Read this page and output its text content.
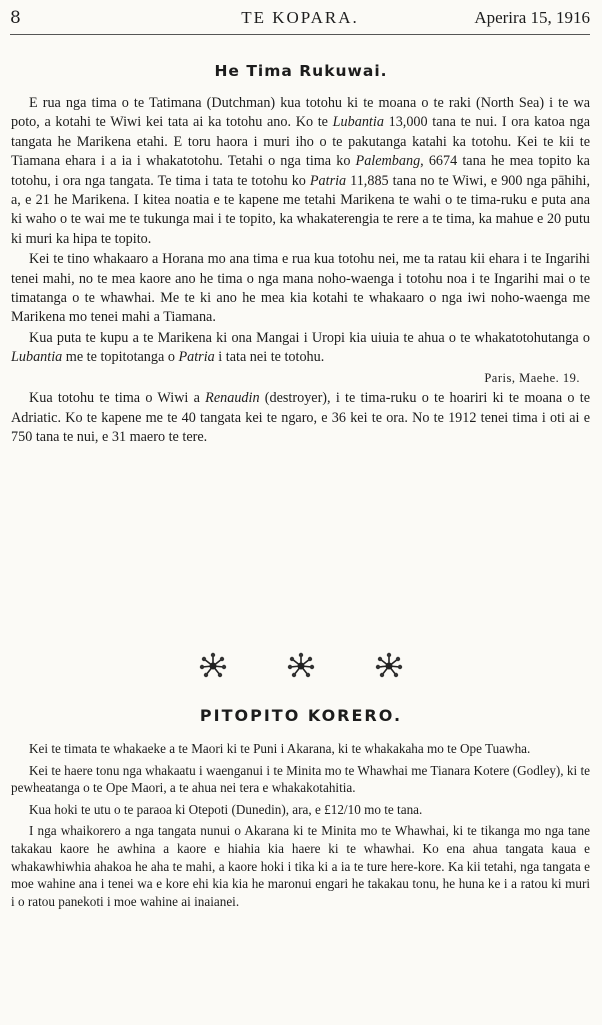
8	TE KOPARA.	Aperira 15, 1916
He Tima Rukuwai.

E rua nga tima o te Tatimana (Dutchman) kua totohu ki te moana o te raki (North Sea) i te wa poto, a kotahi te Wiwi kei tata ai ka totohu ano. Ko te Lubantia 13,000 tana te nui. I ora katoa nga tangata he Marikena etahi. E toru haora i muri iho o te pakutanga katahi ka totohu. Kei te kii te Tiamana ehara i a ia i whakatotohu. Tetahi o nga tima ko Palembang, 6674 tana he mea topito ka totohu, i ora nga tangata. Te tima i tata te totohu ko Patria 11,885 tana no te Wiwi, e 900 nga pāhihi, a, e 21 he Marikena. I kitea noatia e te kapene me tetahi Marikena te wahi o te tima-ruku e puta ana ki waho o te wai me te tukunga mai i te topito, ka whakaterengia te rere a te tima, ka mahue e 20 putu ki muri ka hipa te topito.

Kei te tino whakaaro a Horana mo ana tima e rua kua totohu nei, me ta ratau kii ehara i te Ingarihi tenei mahi, no te mea kaore ano he tima o nga mana noho-waenga i totohu noa i te Ingarihi mai o te timatanga o te whawhai. Me te ki ano he mea kia kotahi te whakaaro o nga iwi noho-waenga me Marikena mo tenei mahi a Tiamana.

Kua puta te kupu a te Marikena ki ona Mangai i Uropi kia uiuia te ahua o te whakatotohutanga o Lubantia me te topitotanga o Patria i tata nei te totohu.

Paris, Maehe. 19.

Kua totohu te tima o Wiwi a Renaudin (destroyer), i te tima-ruku o te hoariri ki te moana o te Adriatic. Ko te kapene me te 40 tangata kei te ngaro, e 36 kei te ora. No te 1912 tenei tima i oti ai e 750 tana te nui, e 31 maero te tere.

PITOPITO KORERO.

Kei te timata te whakaeke a te Maori ki te Puni i Akarana, ki te whakakaha mo te Ope Tuawha.

Kei te haere tonu nga whakaatu i waenganui i te Minita mo te Whawhai me Tianara Kotere (Godley), ki te pewheatanga o te Ope Maori, a te ahua nei tera e whakakotahitia.

Kua hoki te utu o te paraoa ki Otepoti (Dunedin), ara, e £12/10 mo te tana.

I nga whaikorero a nga tangata nunui o Akarana ki te Minita mo te Whawhai, ki te tikanga mo nga tane takakau kaore he awhina a kaore e hiahia kia haere ki te whawhai. Ko ena ahua tangata kaua e whakawhiwhia ahakoa he aha te mahi, a kaore hoki i tika ki a ia te ture here-kore. Ka kii tetahi, nga tangata e moe wahine ana i tenei wa e kore ehi kia kia he maronui engari he takakau tonu, he huna ke i a ratou ki muri i o ratou panekoti i moe wahine ai inaianei.
